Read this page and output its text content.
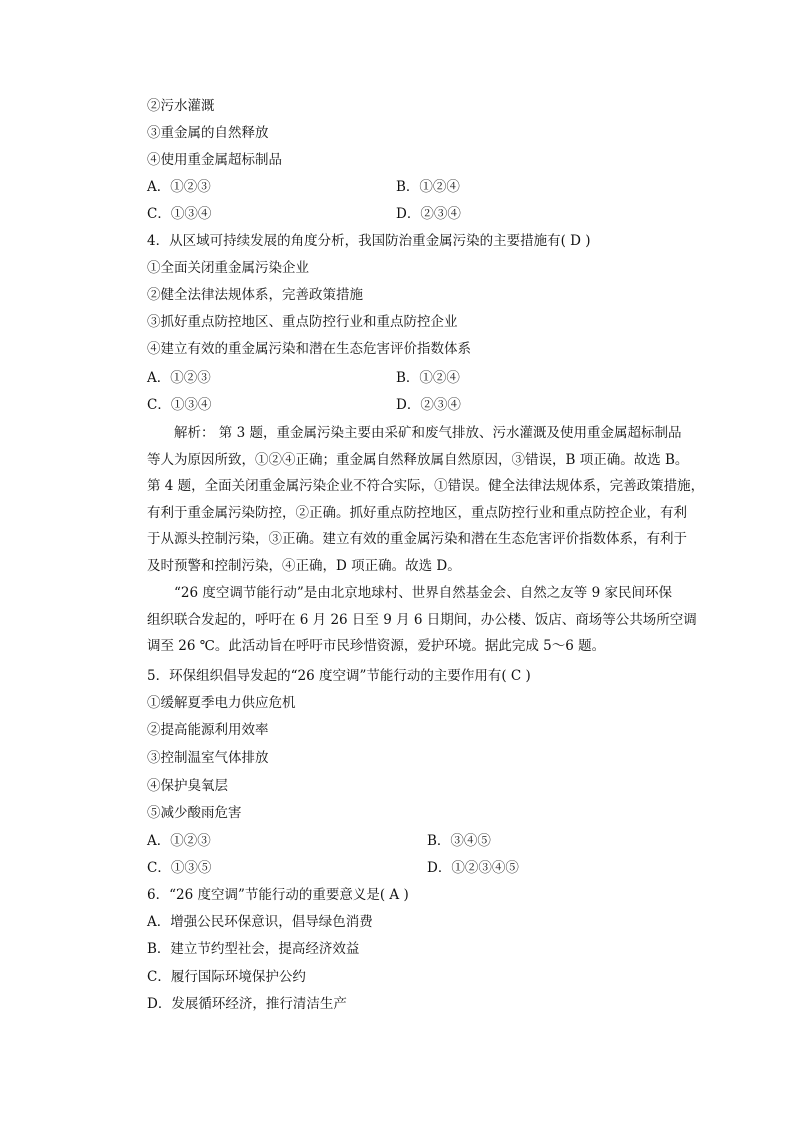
②污水灌溉
③重金属的自然释放
④使用重金属超标制品
A．①②③	B．①②④
C．①③④	D．②③④
4．从区域可持续发展的角度分析，我国防治重金属污染的主要措施有( D )
①全面关闭重金属污染企业
②健全法律法规体系，完善政策措施
③抓好重点防控地区、重点防控行业和重点防控企业
④建立有效的重金属污染和潜在生态危害评价指数体系
A．①②③	B．①②④
C．①③④	D．②③④
解析： 第 3 题，重金属污染主要由采矿和废气排放、污水灌溉及使用重金属超标制品
等人为原因所致，①②④正确；重金属自然释放属自然原因，③错误，B 项正确。故选 B。
第 4 题，全面关闭重金属污染企业不符合实际，①错误。健全法律法规体系，完善政策措施，
有利于重金属污染防控，②正确。抓好重点防控地区，重点防控行业和重点防控企业，有利
于从源头控制污染，③正确。建立有效的重金属污染和潜在生态危害评价指数体系，有利于
及时预警和控制污染，④正确，D 项正确。故选 D。
“26 度空调节能行动”是由北京地球村、世界自然基金会、自然之友等 9 家民间环保
组织联合发起的，呼吁在 6 月 26 日至 9 月 6 日期间，办公楼、饭店、商场等公共场所空调
调至 26 ℃。此活动旨在呼吁市民珍惜资源，爱护环境。据此完成 5～6 题。
5．环保组织倡导发起的“26 度空调”节能行动的主要作用有( C )
①缓解夏季电力供应危机
②提高能源利用效率
③控制温室气体排放
④保护臭氧层
⑤减少酸雨危害
A．①②③	B．③④⑤
C．①③⑤	D．①②③④⑤
6．“26 度空调”节能行动的重要意义是( A )
A．增强公民环保意识，倡导绿色消费
B．建立节约型社会，提高经济效益
C．履行国际环境保护公约
D．发展循环经济，推行清洁生产
